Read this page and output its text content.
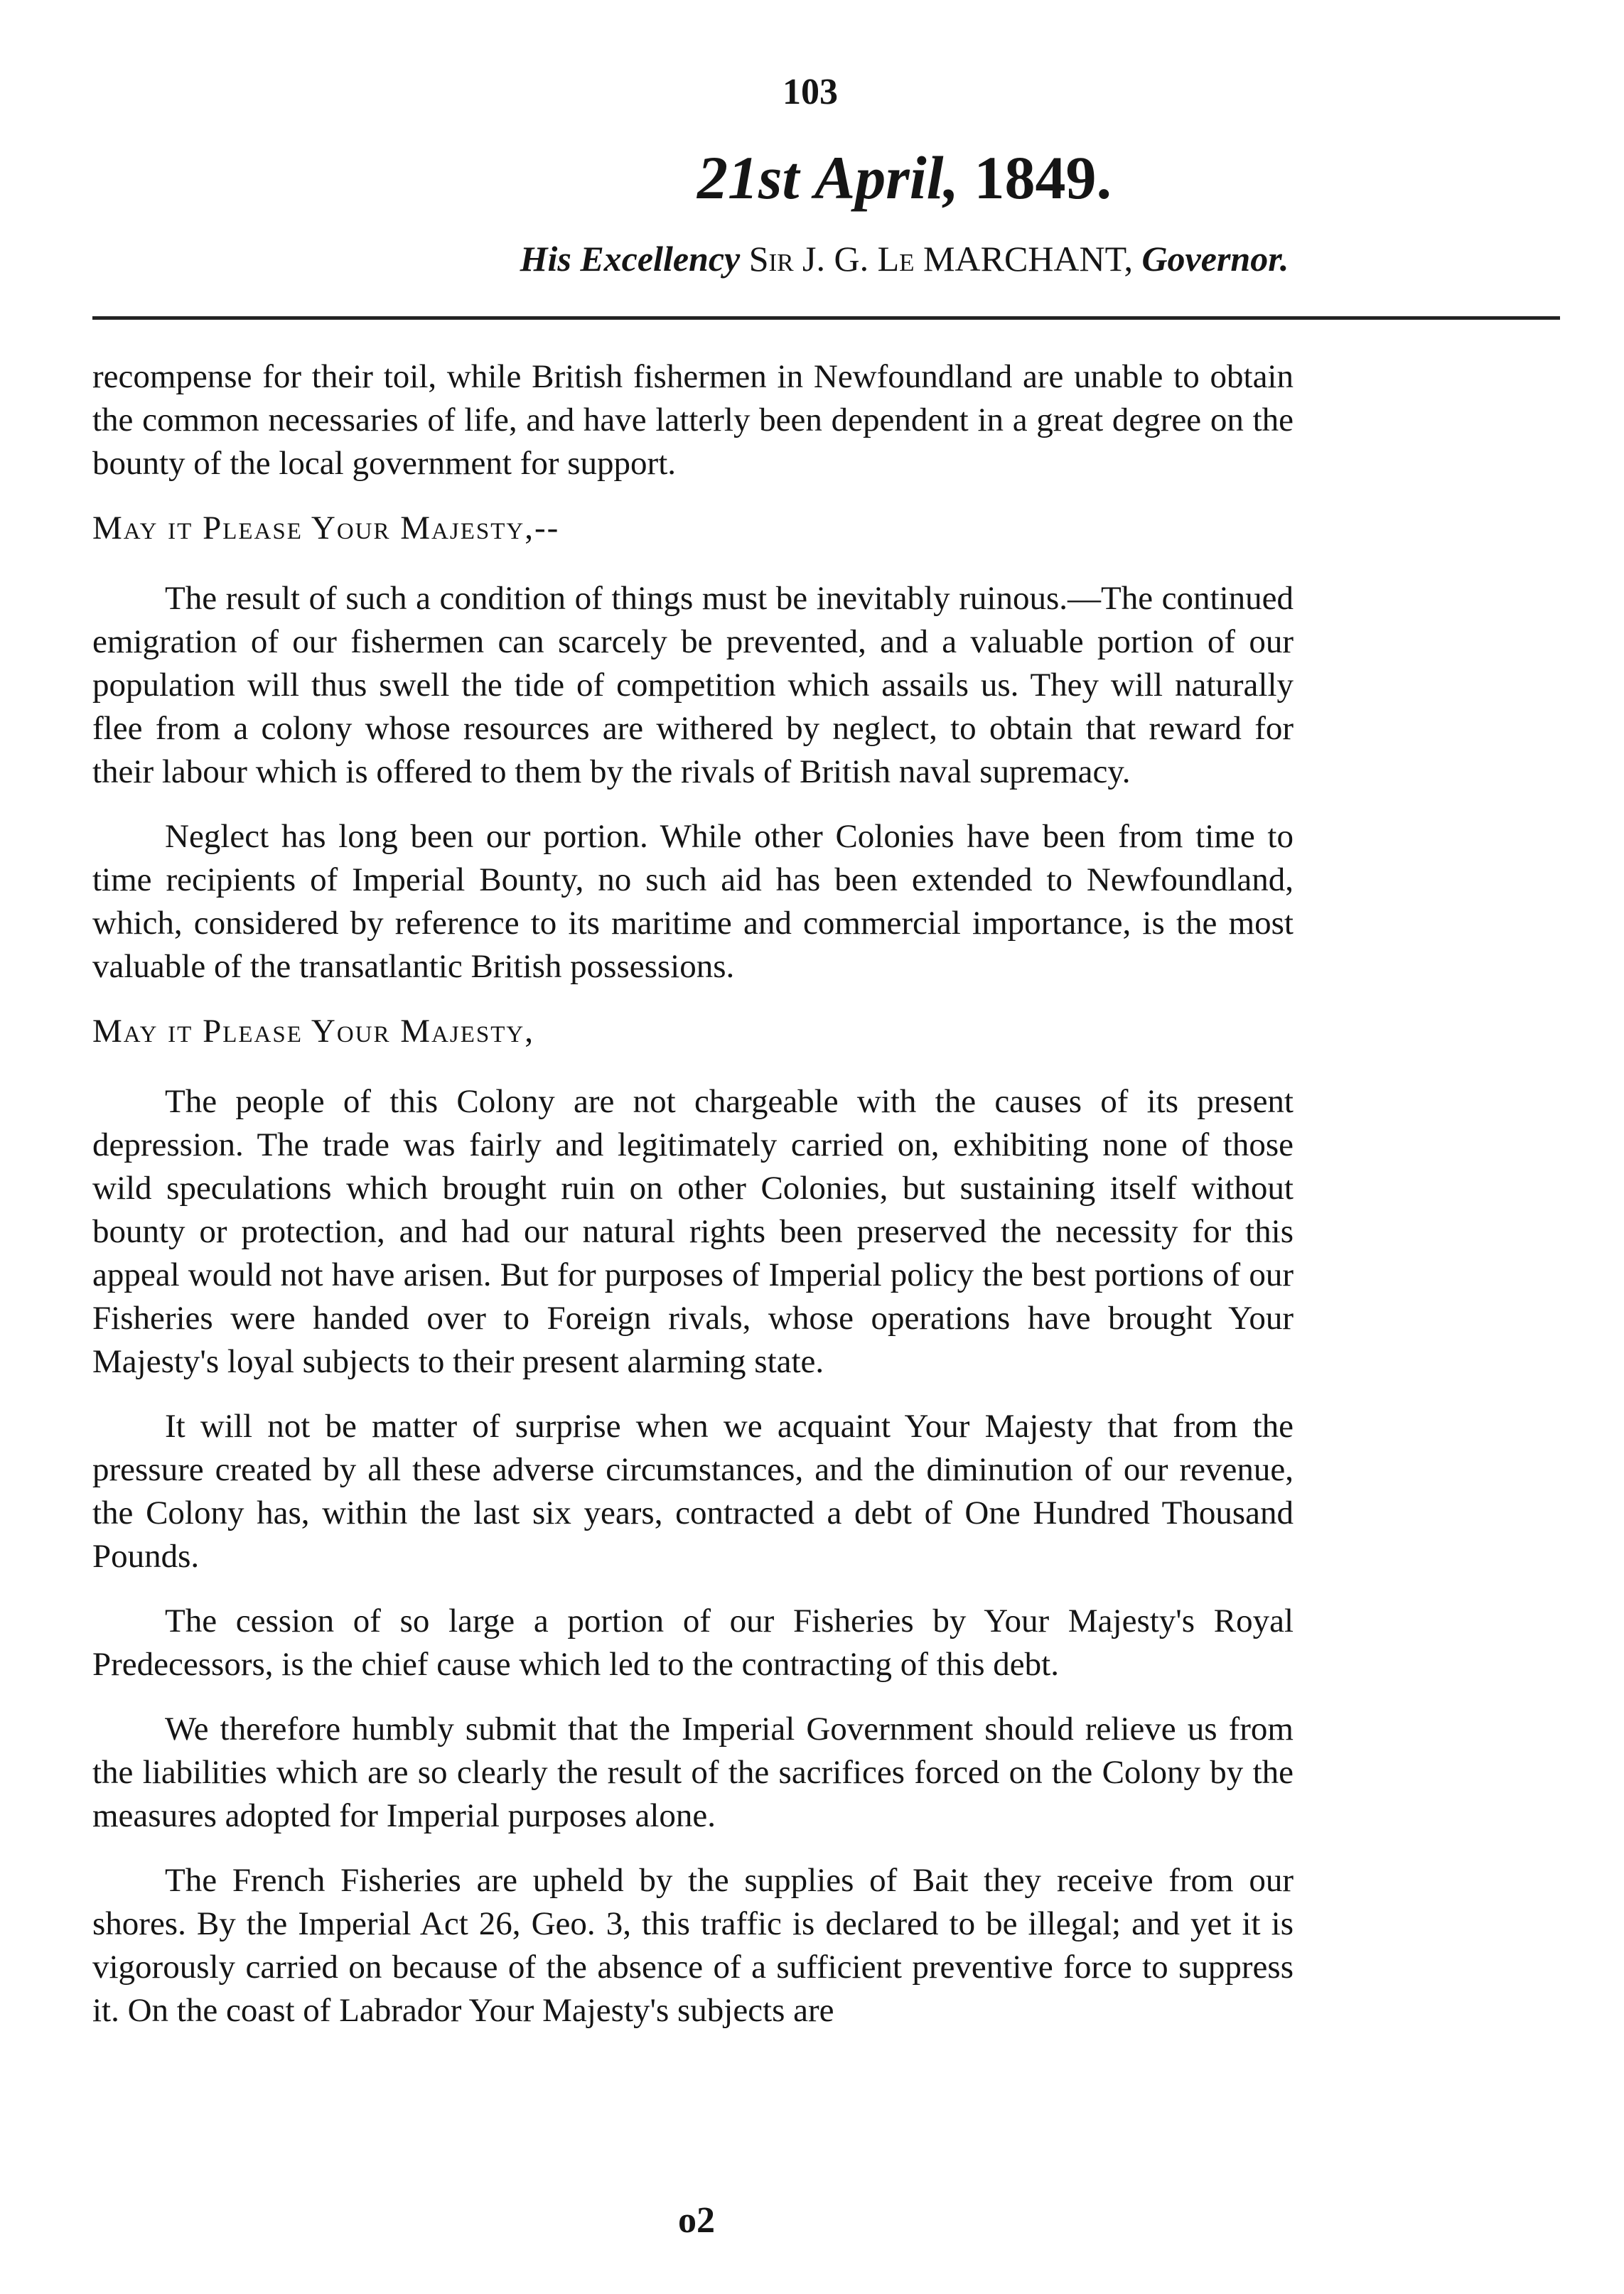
103
21st April, 1849.
His Excellency Sir J. G. Le MARCHANT, Governor.

recompense for their toil, while British fishermen in Newfoundland are unable to obtain the common necessaries of life, and have latterly been dependent in a great degree on the bounty of the local government for support.

May it Please Your Majesty,--

The result of such a condition of things must be inevitably ruinous.—The continued emigration of our fishermen can scarcely be prevented, and a valuable portion of our population will thus swell the tide of competition which assails us. They will naturally flee from a colony whose resources are withered by neglect, to obtain that reward for their labour which is offered to them by the rivals of British naval supremacy.

Neglect has long been our portion. While other Colonies have been from time to time recipients of Imperial Bounty, no such aid has been extended to Newfoundland, which, considered by reference to its maritime and commercial importance, is the most valuable of the transatlantic British possessions.

May it Please Your Majesty,

The people of this Colony are not chargeable with the causes of its present depression. The trade was fairly and legitimately carried on, exhibiting none of those wild speculations which brought ruin on other Colonies, but sustaining itself without bounty or protection, and had our natural rights been preserved the necessity for this appeal would not have arisen. But for purposes of Imperial policy the best portions of our Fisheries were handed over to Foreign rivals, whose operations have brought Your Majesty's loyal subjects to their present alarming state.

It will not be matter of surprise when we acquaint Your Majesty that from the pressure created by all these adverse circumstances, and the diminution of our revenue, the Colony has, within the last six years, contracted a debt of One Hundred Thousand Pounds.

The cession of so large a portion of our Fisheries by Your Majesty's Royal Predecessors, is the chief cause which led to the contracting of this debt.

We therefore humbly submit that the Imperial Government should relieve us from the liabilities which are so clearly the result of the sacrifices forced on the Colony by the measures adopted for Imperial purposes alone.

The French Fisheries are upheld by the supplies of Bait they receive from our shores. By the Imperial Act 26, Geo. 3, this traffic is declared to be illegal; and yet it is vigorously carried on because of the absence of a sufficient preventive force to suppress it. On the coast of Labrador Your Majesty's subjects are

o2
